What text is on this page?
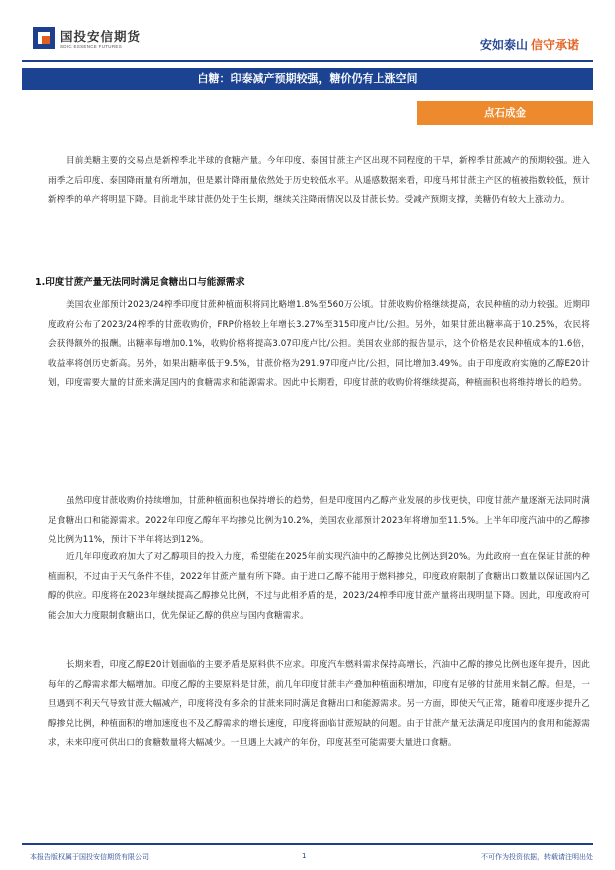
国投安信期货
SDIC ESSENCE FUTURES	安如泰山 信守承诺
白糖：印泰减产预期较强，糖价仍有上涨空间
点石成金

目前美糖主要的交易点是新榨季北半球的食糖产量。今年印度、泰国甘蔗主产区出现不同程度的干旱，新榨季甘蔗减产的预期较强。进入雨季之后印度、泰国降雨量有所增加，但是累计降雨量依然处于历史较低水平。从遥感数据来看，印度马邦甘蔗主产区的植被指数较低，预计新榨季的单产将明显下降。目前北半球甘蔗仍处于生长期，继续关注降雨情况以及甘蔗长势。受减产预期支撑，美糖仍有较大上涨动力。

1.印度甘蔗产量无法同时满足食糖出口与能源需求

美国农业部预计2023/24榨季印度甘蔗种植面积将同比略增1.8%至560万公顷。甘蔗收购价格继续提高，农民种植的动力较强。近期印度政府公布了2023/24榨季的甘蔗收购价，FRP价格较上年增长3.27%至315印度卢比/公担。另外，如果甘蔗出糖率高于10.25%，农民将会获得额外的报酬。出糖率每增加0.1%，收购价格将提高3.07印度卢比/公担。美国农业部的报告显示，这个价格是农民种植成本的1.6倍，收益率将创历史新高。另外，如果出糖率低于9.5%，甘蔗价格为291.97印度卢比/公担，同比增加3.49%。由于印度政府实施的乙醇E20计划，印度需要大量的甘蔗来满足国内的食糖需求和能源需求。因此中长期看，印度甘蔗的收购价将继续提高，种植面积也将维持增长的趋势。

虽然印度甘蔗收购价持续增加，甘蔗种植面积也保持增长的趋势，但是印度国内乙醇产业发展的步伐更快，印度甘蔗产量逐渐无法同时满足食糖出口和能源需求。2022年印度乙醇年平均掺兑比例为10.2%，美国农业部预计2023年将增加至11.5%。上半年印度汽油中的乙醇掺兑比例为11%，预计下半年将达到12%。

近几年印度政府加大了对乙醇项目的投入力度，希望能在2025年前实现汽油中的乙醇掺兑比例达到20%。为此政府一直在保证甘蔗的种植面积，不过由于天气条件不佳，2022年甘蔗产量有所下降。由于进口乙醇不能用于燃料掺兑，印度政府限制了食糖出口数量以保证国内乙醇的供应。印度将在2023年继续提高乙醇掺兑比例，不过与此相矛盾的是，2023/24榨季印度甘蔗产量将出现明显下降。因此，印度政府可能会加大力度限制食糖出口，优先保证乙醇的供应与国内食糖需求。

长期来看，印度乙醇E20计划面临的主要矛盾是原料供不应求。印度汽车燃料需求保持高增长，汽油中乙醇的掺兑比例也逐年提升，因此每年的乙醇需求都大幅增加。印度乙醇的主要原料是甘蔗，前几年印度甘蔗丰产叠加种植面积增加，印度有足够的甘蔗用来制乙醇。但是，一旦遇到不利天气导致甘蔗大幅减产，印度将没有多余的甘蔗来同时满足食糖出口和能源需求。另一方面，即使天气正常，随着印度逐步提升乙醇掺兑比例，种植面积的增加速度也不及乙醇需求的增长速度，印度将面临甘蔗短缺的问题。由于甘蔗产量无法满足印度国内的食用和能源需求，未来印度可供出口的食糖数量将大幅减少。一旦遇上大减产的年份，印度甚至可能需要大量进口食糖。

本报告版权属于国投安信期货有限公司	1	不可作为投资依据，转载请注明出处
